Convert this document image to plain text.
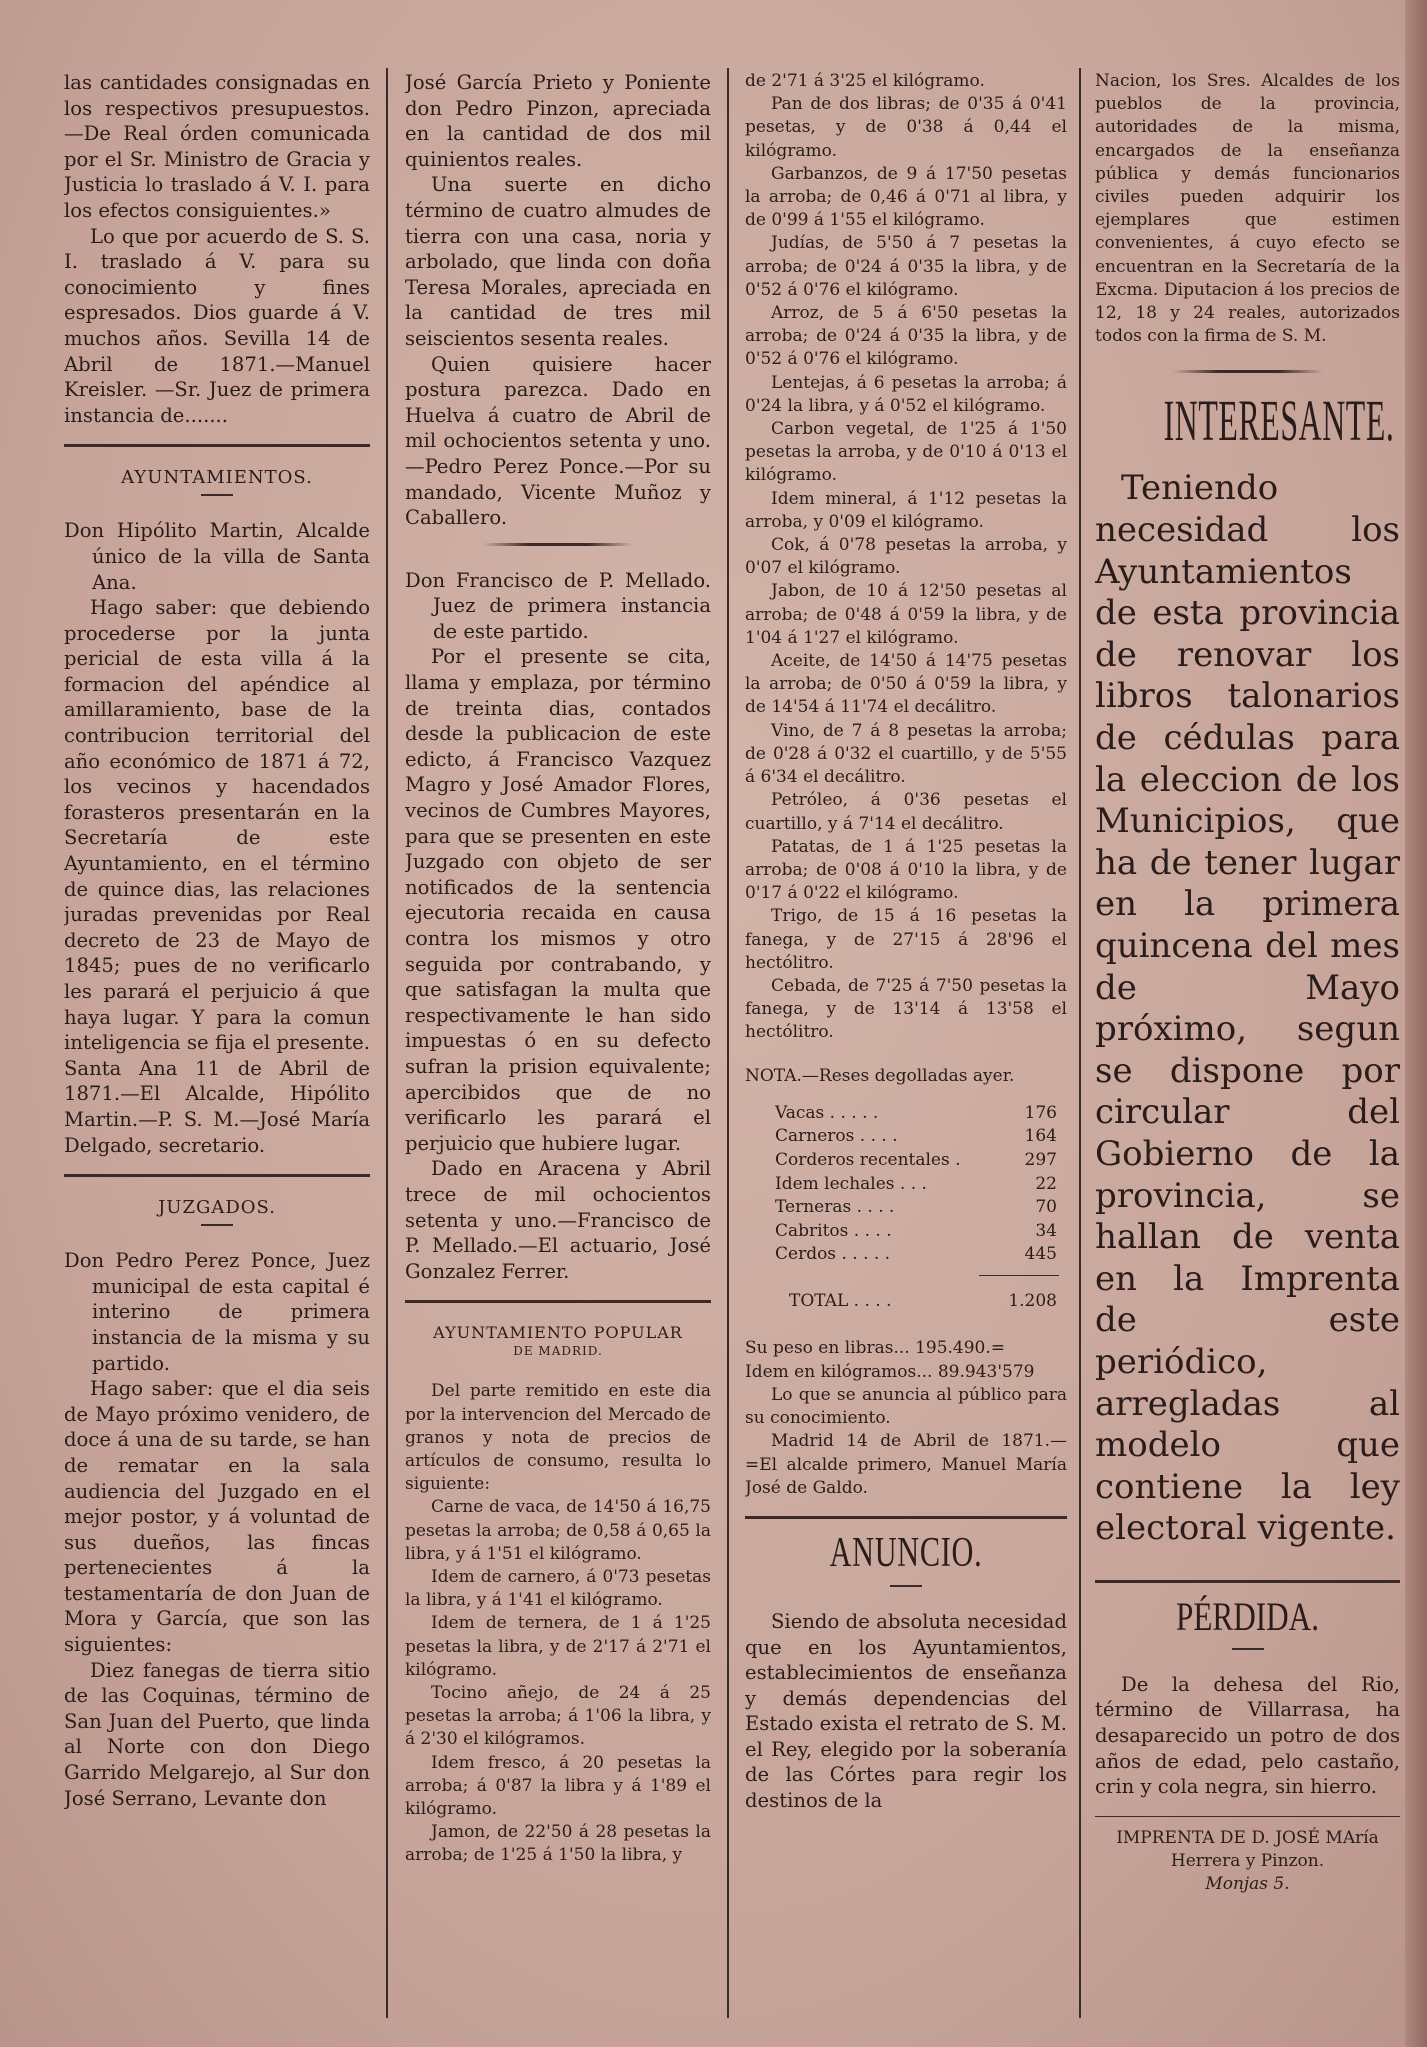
las cantidades consignadas en los respectivos presupuestos. —De Real órden comunicada por el Sr. Ministro de Gracia y Justicia lo traslado á V. I. para los efectos consiguientes.»

Lo que por acuerdo de S. S. I. traslado á V. para su conocimiento y fines espresados. Dios guarde á V. muchos años. Sevilla 14 de Abril de 1871.—Manuel Kreisler. —Sr. Juez de primera instancia de.......

AYUNTAMIENTOS.

Don Hipólito Martin, Alcalde único de la villa de Santa Ana.

Hago saber: que debiendo procederse por la junta pericial de esta villa á la formacion del apéndice al amillaramiento, base de la contribucion territorial del año económico de 1871 á 72, los vecinos y hacendados forasteros presentarán en la Secretaría de este Ayuntamiento, en el término de quince dias, las relaciones juradas prevenidas por Real decreto de 23 de Mayo de 1845; pues de no verificarlo les parará el perjuicio á que haya lugar. Y para la comun inteligencia se fija el presente. Santa Ana 11 de Abril de 1871.—El Alcalde, Hipólito Martin.—P. S. M.—José María Delgado, secretario.

JUZGADOS.

Don Pedro Perez Ponce, Juez municipal de esta capital é interino de primera instancia de la misma y su partido.

Hago saber: que el dia seis de Mayo próximo venidero, de doce á una de su tarde, se han de rematar en la sala audiencia del Juzgado en el mejor postor, y á voluntad de sus dueños, las fincas pertenecientes á la testamentaría de don Juan de Mora y García, que son las siguientes:

Diez fanegas de tierra sitio de las Coquinas, término de San Juan del Puerto, que linda al Norte con don Diego Garrido Melgarejo, al Sur don José Serrano, Levante don

José García Prieto y Poniente don Pedro Pinzon, apreciada en la cantidad de dos mil quinientos reales.

Una suerte en dicho término de cuatro almudes de tierra con una casa, noria y arbolado, que linda con doña Teresa Morales, apreciada en la cantidad de tres mil seiscientos sesenta reales.

Quien quisiere hacer postura parezca. Dado en Huelva á cuatro de Abril de mil ochocientos setenta y uno.—Pedro Perez Ponce.—Por su mandado, Vicente Muñoz y Caballero.

Don Francisco de P. Mellado. Juez de primera instancia de este partido.

Por el presente se cita, llama y emplaza, por término de treinta dias, contados desde la publicacion de este edicto, á Francisco Vazquez Magro y José Amador Flores, vecinos de Cumbres Mayores, para que se presenten en este Juzgado con objeto de ser notificados de la sentencia ejecutoria recaida en causa contra los mismos y otro seguida por contrabando, y que satisfagan la multa que respectivamente le han sido impuestas ó en su defecto sufran la prision equivalente; apercibidos que de no verificarlo les parará el perjuicio que hubiere lugar.

Dado en Aracena y Abril trece de mil ochocientos setenta y uno.—Francisco de P. Mellado.—El actuario, José Gonzalez Ferrer.

AYUNTAMIENTO POPULAR
DE MADRID.

Del parte remitido en este dia por la intervencion del Mercado de granos y nota de precios de artículos de consumo, resulta lo siguiente:

Carne de vaca, de 14'50 á 16,75 pesetas la arroba; de 0,58 á 0,65 la libra, y á 1'51 el kilógramo.

Idem de carnero, á 0'73 pesetas la libra, y á 1'41 el kilógramo.

Idem de ternera, de 1 á 1'25 pesetas la libra, y de 2'17 á 2'71 el kilógramo.

Tocino añejo, de 24 á 25 pesetas la arroba; á 1'06 la libra, y á 2'30 el kilógramos.

Idem fresco, á 20 pesetas la arroba; á 0'87 la libra y á 1'89 el kilógramo.

Jamon, de 22'50 á 28 pesetas la arroba; de 1'25 á 1'50 la libra, y

de 2'71 á 3'25 el kilógramo.

Pan de dos libras; de 0'35 á 0'41 pesetas, y de 0'38 á 0,44 el kilógramo.

Garbanzos, de 9 á 17'50 pesetas la arroba; de 0,46 á 0'71 al libra, y de 0'99 á 1'55 el kilógramo.

Judías, de 5'50 á 7 pesetas la arroba; de 0'24 á 0'35 la libra, y de 0'52 á 0'76 el kilógramo.

Arroz, de 5 á 6'50 pesetas la arroba; de 0'24 á 0'35 la libra, y de 0'52 á 0'76 el kilógramo.

Lentejas, á 6 pesetas la arroba; á 0'24 la libra, y á 0'52 el kilógramo.

Carbon vegetal, de 1'25 á 1'50 pesetas la arroba, y de 0'10 á 0'13 el kilógramo.

Idem mineral, á 1'12 pesetas la arroba, y 0'09 el kilógramo.

Cok, á 0'78 pesetas la arroba, y 0'07 el kilógramo.

Jabon, de 10 á 12'50 pesetas al arroba; de 0'48 á 0'59 la libra, y de 1'04 á 1'27 el kilógramo.

Aceite, de 14'50 á 14'75 pesetas la arroba; de 0'50 á 0'59 la libra, y de 14'54 á 11'74 el decálitro.

Vino, de 7 á 8 pesetas la arroba; de 0'28 á 0'32 el cuartillo, y de 5'55 á 6'34 el decálitro.

Petróleo, á 0'36 pesetas el cuartillo, y á 7'14 el decálitro.

Patatas, de 1 á 1'25 pesetas la arroba; de 0'08 á 0'10 la libra, y de 0'17 á 0'22 el kilógramo.

Trigo, de 15 á 16 pesetas la fanega, y de 27'15 á 28'96 el hectólitro.

Cebada, de 7'25 á 7'50 pesetas la fanega, y de 13'14 á 13'58 el hectólitro.

NOTA.—Reses degolladas ayer.

Vacas . . . . .	176
Carneros . . . .	164
Corderos recentales .	297
Idem lechales . . .	22
Terneras . . . .	70
Cabritos . . . .	34
Cerdos . . . . .	445
TOTAL . . . .	1.208

Su peso en libras... 195.490.=

Idem en kilógramos... 89.943'579

Lo que se anuncia al público para su conocimiento.

Madrid 14 de Abril de 1871.— =El alcalde primero, Manuel María José de Galdo.

ANUNCIO.

Siendo de absoluta necesidad que en los Ayuntamientos, establecimientos de enseñanza y demás dependencias del Estado exista el retrato de S. M. el Rey, elegido por la soberanía de las Córtes para regir los destinos de la

Nacion, los Sres. Alcaldes de los pueblos de la provincia, autoridades de la misma, encargados de la enseñanza pública y demás funcionarios civiles pueden adquirir los ejemplares que estimen convenientes, á cuyo efecto se encuentran en la Secretaría de la Excma. Diputacion á los precios de 12, 18 y 24 reales, autorizados todos con la firma de S. M.

INTERESANTE.

Teniendo necesidad los Ayuntamientos de esta provincia de renovar los libros talonarios de cédulas para la eleccion de los Municipios, que ha de tener lugar en la primera quincena del mes de Mayo próximo, segun se dispone por circular del Gobierno de la provincia, se hallan de venta en la Imprenta de este periódico, arregladas al modelo que contiene la ley electoral vigente.

PÉRDIDA.

De la dehesa del Rio, término de Villarrasa, ha desaparecido un potro de dos años de edad, pelo castaño, crin y cola negra, sin hierro.

IMPRENTA DE D. JOSÉ MAría Herrera y Pinzon.

Monjas 5.
